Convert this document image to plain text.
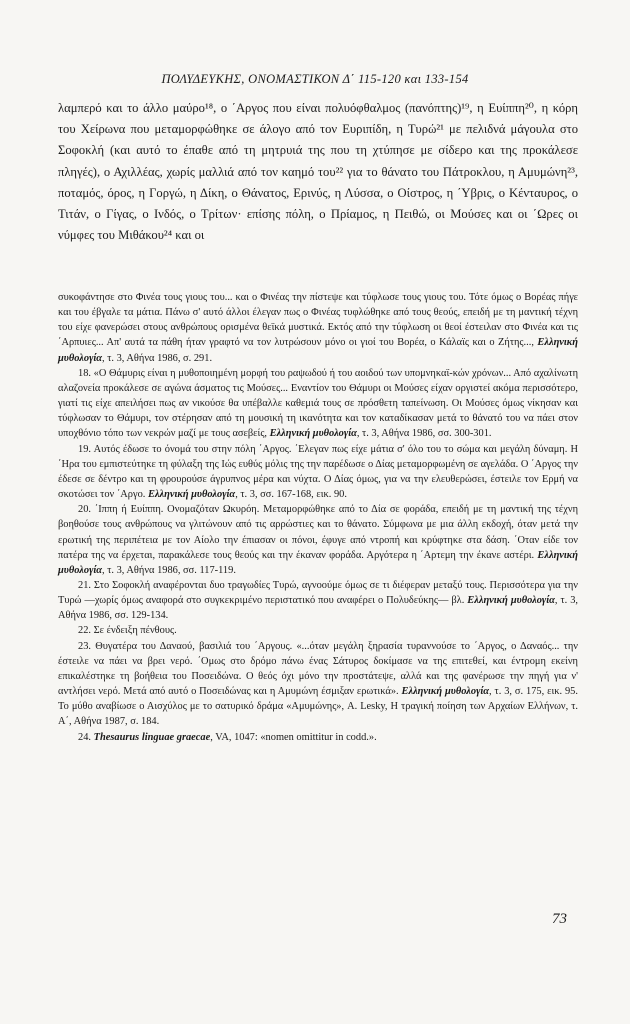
ΠΟΛΥΔΕΥΚΗΣ, ΟΝΟΜΑΣΤΙΚΟΝ Δ΄ 115-120 και 133-154

λαμπερό και το άλλο μαύρο¹⁸, ο ΄Αργος που είναι πολυόφθαλμος (πανόπτης)¹⁹, η Ευίππη²⁰, η κόρη του Χείρωνα που μεταμορφώθηκε σε άλογο από τον Ευριπίδη, η Τυρώ²¹ με πελιδνά μάγουλα στο Σοφοκλή (και αυτό το έπαθε από τη μητρυιά της που τη χτύπησε με σίδερο και της προκάλεσε πληγές), ο Αχιλλέας, χωρίς μαλλιά από τον καημό του²² για το θάνατο του Πάτροκλου, η Αμυμώνη²³, ποταμός, όρος, η Γοργώ, η Δίκη, ο Θάνατος, Ερινύς, η Λύσσα, ο Οίστρος, η ΄Υβρις, ο Κένταυρος, ο Τιτάν, ο Γίγας, ο Ινδός, ο Τρίτων· επίσης πόλη, ο Πρίαμος, η Πειθώ, οι Μούσες και οι ΄Ωρες οι νύμφες του Μιθάκου²⁴ και οι

συκοφάντησε στο Φινέα τους γιους του... και ο Φινέας την πίστεψε και τύφλωσε τους γιους του. Τότε όμως ο Βορέας πήγε και του έβγαλε τα μάτια. Πάνω σ' αυτό άλλοι έλεγαν πως ο Φινέας τυφλώθηκε από τους θεούς, επειδή με τη μαντική τέχνη του είχε φανερώσει στους ανθρώπους ορισμένα θεϊκά μυστικά. Εκτός από την τύφλωση οι θεοί έστειλαν στο Φινέα και τις ΄Αρπυιες... Απ' αυτά τα πάθη ήταν γραφτό να τον λυτρώσουν μόνο οι γιοί του Βορέα, ο Κάλαϊς και ο Ζήτης..., Ελληνική μυθολογία, τ. 3, Αθήνα 1986, σ. 291.

18. «Ο Θάμυρις είναι η μυθοποιημένη μορφή του ραψωδού ή του αοιδού των υπομνηκαϊ-κών χρόνων... Από αχαλίνωτη αλαζονεία προκάλεσε σε αγώνα άσματος τις Μούσες... Εναντίον του Θάμυρι οι Μούσες είχαν οργιστεί ακόμα περισσότερο, γιατί τις είχε απειλήσει πως αν νικούσε θα υπέβαλλε καθεμιά τους σε πρόσθετη ταπείνωση. Οι Μούσες όμως νίκησαν και τύφλωσαν το Θάμυρι, τον στέρησαν από τη μουσική τη ικανότητα και τον καταδίκασαν μετά το θάνατό του να πάει στον υποχθόνιο τόπο των νεκρών μαζί με τους ασεβείς, Ελληνική μυθολογία, τ. 3, Αθήνα 1986, σσ. 300-301.

19. Αυτός έδωσε το όνομά του στην πόλη ΄Αργος. ΄Ελεγαν πως είχε μάτια σ' όλο του το σώμα και μεγάλη δύναμη. Η ΄Ηρα του εμπιστεύτηκε τη φύλαξη της Ιώς ευθύς μόλις της την παρέδωσε ο Δίας μεταμορφωμένη σε αγελάδα. Ο ΄Αργος την έδεσε σε δέντρο και τη φρουρούσε άγρυπνος μέρα και νύχτα. Ο Δίας όμως, για να την ελευθερώσει, έστειλε τον Ερμή να σκοτώσει τον ΄Αργο. Ελληνική μυθολογία, τ. 3, σσ. 167-168, εικ. 90.

20. ΄Ιππη ή Ευίππη. Ονομαζόταν Ωκυρόη. Μεταμορφώθηκε από το Δία σε φοράδα, επειδή με τη μαντική της τέχνη βοηθούσε τους ανθρώπους να γλιτώνουν από τις αρρώστιες και το θάνατο. Σύμφωνα με μια άλλη εκδοχή, όταν μετά την ερωτική της περιπέτεια με τον Αίολο την έπιασαν οι πόνοι, έφυγε από ντροπή και κρύφτηκε στα δάση. ΄Οταν είδε τον πατέρα της να έρχεται, παρακάλεσε τους θεούς και την έκαναν φοράδα. Αργότερα η ΄Αρτεμη την έκανε αστέρι. Ελληνική μυθολογία, τ. 3, Αθήνα 1986, σσ. 117-119.

21. Στο Σοφοκλή αναφέρονται δυο τραγωδίες Τυρώ, αγνοούμε όμως σε τι διέφεραν μεταξύ τους. Περισσότερα για την Τυρώ —χωρίς όμως αναφορά στο συγκεκριμένο περιστατικό που αναφέρει ο Πολυδεύκης— βλ. Ελληνική μυθολογία, τ. 3, Αθήνα 1986, σσ. 129-134.

22. Σε ένδειξη πένθους.

23. Θυγατέρα του Δαναού, βασιλιά του ΄Αργους. «...όταν μεγάλη ξηρασία τυραννούσε το ΄Αργος, ο Δαναός... την έστειλε να πάει να βρει νερό. ΄Ομως στο δρόμο πάνω ένας Σάτυρος δοκίμασε να της επιτεθεί, και έντρομη εκείνη επικαλέστηκε τη βοήθεια του Ποσειδώνα. Ο θεός όχι μόνο την προστάτεψε, αλλά και της φανέρωσε την πηγή για ν' αντλήσει νερό. Μετά από αυτό ο Ποσειδώνας και η Αμυμώνη έσμιξαν ερωτικά». Ελληνική μυθολογία, τ. 3, σ. 175, εικ. 95. Το μύθο αναβίωσε ο Αισχύλος με το σατυρικό δράμα «Αμυμώνης», A. Lesky, Η τραγική ποίηση των Αρχαίων Ελλήνων, τ. Α΄, Αθήνα 1987, σ. 184.

24. Thesaurus linguae graecae, VA, 1047: «nomen omittitur in codd.».

73
